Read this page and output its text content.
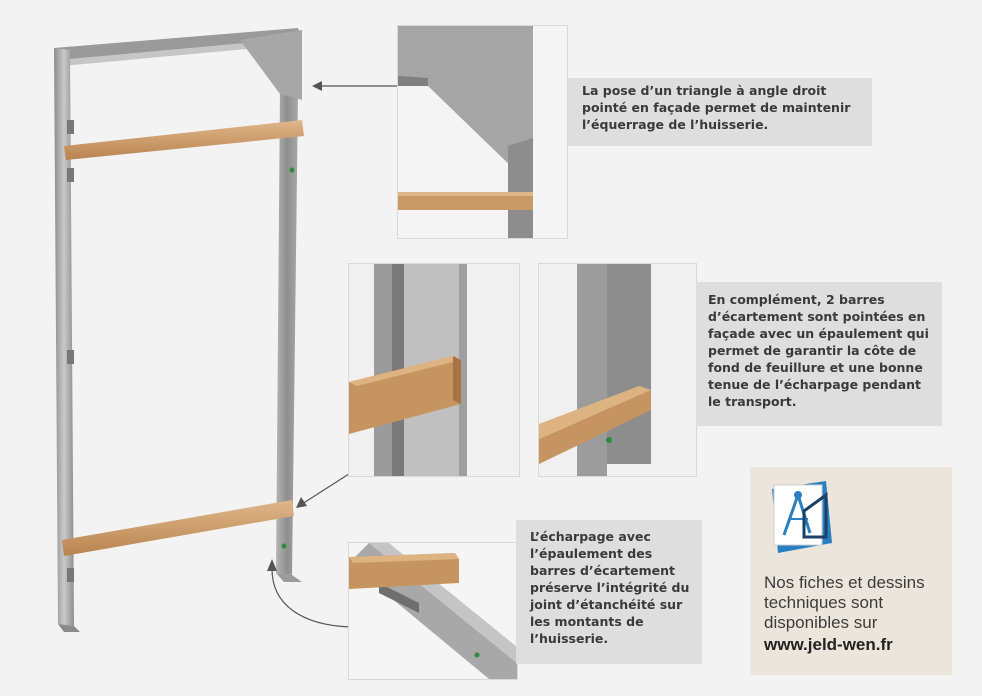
La pose d’un triangle à angle droit pointé en façade permet de maintenir l’équerrage de l’huisserie.
En complément, 2 barres d’écartement sont pointées en façade avec un épaulement qui permet de garantir la côte de fond de feuillure et une bonne tenue de l’écharpage pendant le transport.
L’écharpage avec l’épaulement des barres d’écartement préserve l’intégrité du joint d’étanchéité sur les montants de l’huisserie.
Nos fiches et dessins techniques sont disponibles sur
www.jeld-wen.fr
